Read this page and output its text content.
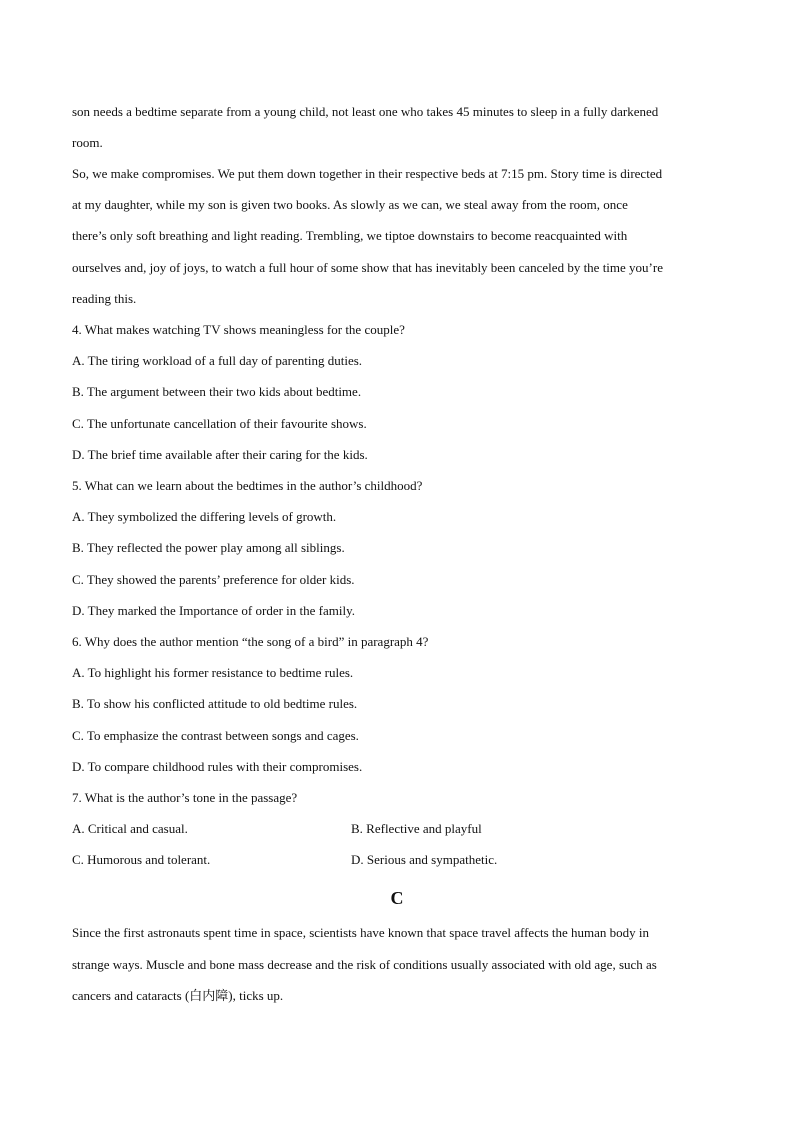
son needs a bedtime separate from a young child, not least one who takes 45 minutes to sleep in a fully darkened
room.
So, we make compromises. We put them down together in their respective beds at 7:15 pm. Story time is directed
at my daughter, while my son is given two books. As slowly as we can, we steal away from the room, once
there’s only soft breathing and light reading. Trembling, we tiptoe downstairs to become reacquainted with
ourselves and, joy of joys, to watch a full hour of some show that has inevitably been canceled by the time you’re
reading this.
4. What makes watching TV shows meaningless for the couple?
A. The tiring workload of a full day of parenting duties.
B. The argument between their two kids about bedtime.
C. The unfortunate cancellation of their favourite shows.
D. The brief time available after their caring for the kids.
5. What can we learn about the bedtimes in the author’s childhood?
A. They symbolized the differing levels of growth.
B. They reflected the power play among all siblings.
C. They showed the parents’ preference for older kids.
D. They marked the Importance of order in the family.
6. Why does the author mention “the song of a bird” in paragraph 4?
A. To highlight his former resistance to bedtime rules.
B. To show his conflicted attitude to old bedtime rules.
C. To emphasize the contrast between songs and cages.
D. To compare childhood rules with their compromises.
7. What is the author’s tone in the passage?
A. Critical and casual.	B. Reflective and playful
C. Humorous and tolerant.	D. Serious and sympathetic.
C
Since the first astronauts spent time in space, scientists have known that space travel affects the human body in
strange ways. Muscle and bone mass decrease and the risk of conditions usually associated with old age, such as
cancers and cataracts (白内障), ticks up.
